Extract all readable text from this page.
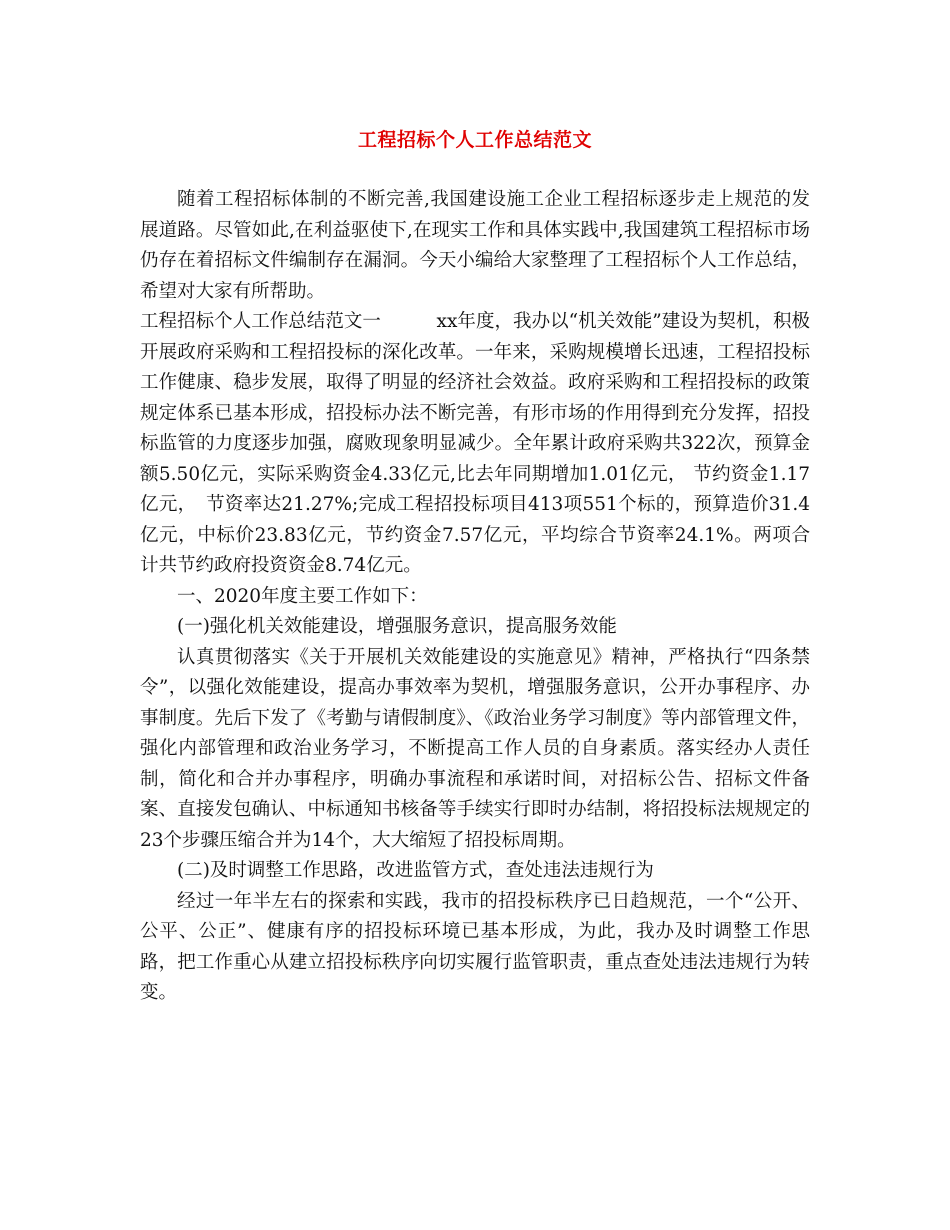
工程招标个人工作总结范文

随着工程招标体制的不断完善,我国建设施工企业工程招标逐步走上规范的发展道路。尽管如此,在利益驱使下,在现实工作和具体实践中,我国建筑工程招标市场仍存在着招标文件编制存在漏洞。今天小编给大家整理了工程招标个人工作总结，希望对大家有所帮助。

工程招标个人工作总结范文一　　　xx年度，我办以“机关效能”建设为契机，积极开展政府采购和工程招投标的深化改革。一年来，采购规模增长迅速，工程招投标工作健康、稳步发展，取得了明显的经济社会效益。政府采购和工程招投标的政策规定体系已基本形成，招投标办法不断完善，有形市场的作用得到充分发挥，招投标监管的力度逐步加强，腐败现象明显减少。全年累计政府采购共322次，预算金额5.50亿元，实际采购资金4.33亿元,比去年同期增加1.01亿元， 节约资金1.17亿元，　节资率达21.27%;完成工程招投标项目413项551个标的，预算造价31.4亿元，中标价23.83亿元，节约资金7.57亿元，平均综合节资率24.1%。两项合计共节约政府投资资金8.74亿元。

一、2020年度主要工作如下：

(一)强化机关效能建设，增强服务意识，提高服务效能

认真贯彻落实《关于开展机关效能建设的实施意见》精神，严格执行“四条禁令”，以强化效能建设，提高办事效率为契机，增强服务意识，公开办事程序、办事制度。先后下发了《考勤与请假制度》、《政治业务学习制度》等内部管理文件，强化内部管理和政治业务学习，不断提高工作人员的自身素质。落实经办人责任制，简化和合并办事程序，明确办事流程和承诺时间，对招标公告、招标文件备案、直接发包确认、中标通知书核备等手续实行即时办结制，将招投标法规规定的23个步骤压缩合并为14个，大大缩短了招投标周期。

(二)及时调整工作思路，改进监管方式，查处违法违规行为

经过一年半左右的探索和实践，我市的招投标秩序已日趋规范，一个“公开、公平、公正”、健康有序的招投标环境已基本形成，为此，我办及时调整工作思路，把工作重心从建立招投标秩序向切实履行监管职责，重点查处违法违规行为转变。
